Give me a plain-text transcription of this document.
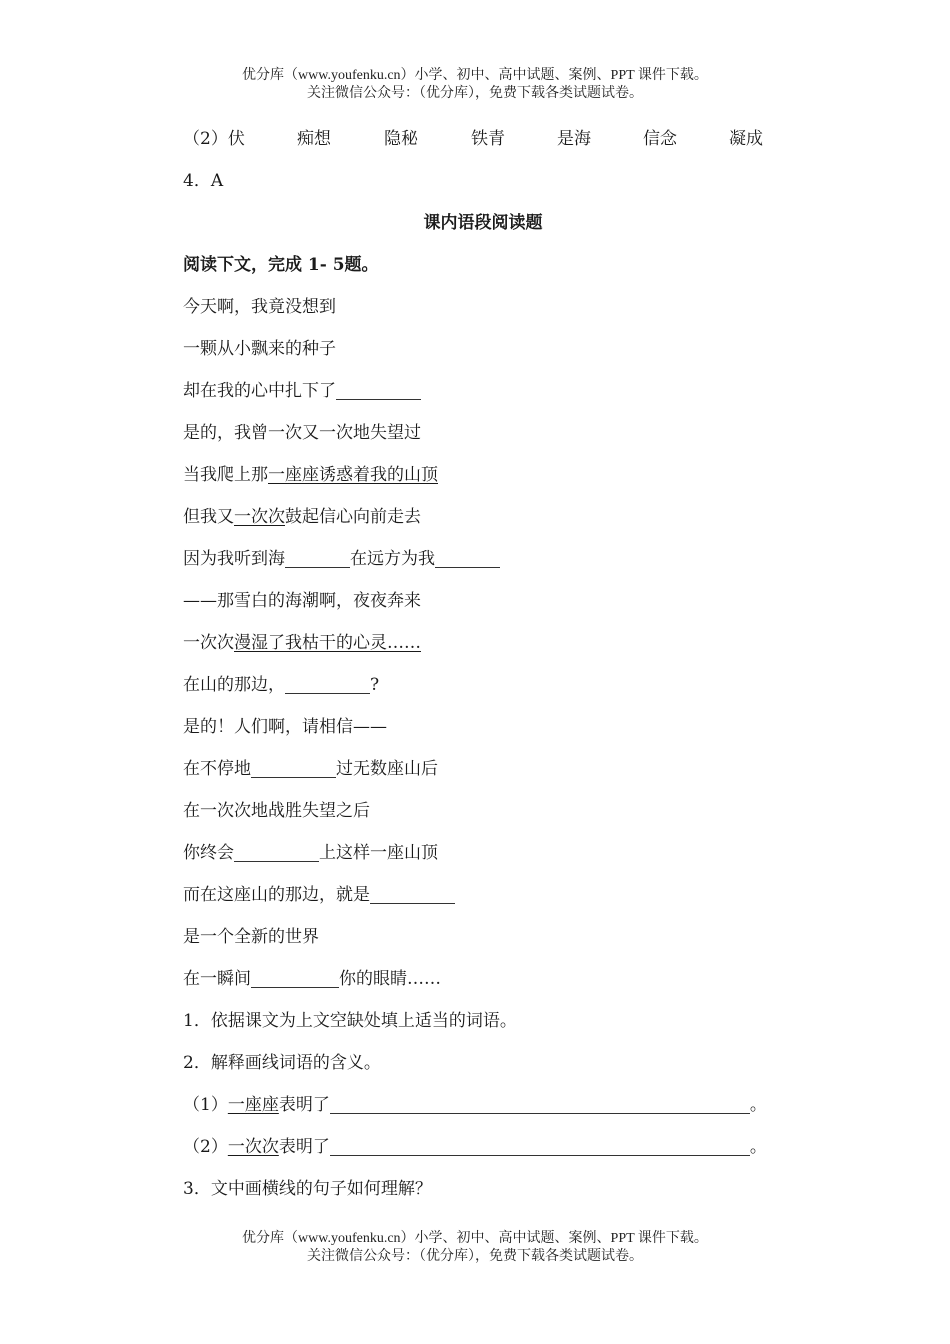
优分库（www.youfenku.cn）小学、初中、高中试题、案例、PPT 课件下载。
关注微信公众号：（优分库），免费下载各类试题试卷。
（2）伏	痴想	隐秘	铁青	是海	信念	凝成
4．A
课内语段阅读题
阅读下文，完成 1- 5题。
今天啊，我竟没想到
一颗从小飘来的种子
却在我的心中扎下了
是的，我曾一次又一次地失望过
当我爬上那一座座诱惑着我的山顶
但我又一次次鼓起信心向前走去
因为我听到海	在远方为我
——那雪白的海潮啊，夜夜奔来
一次次漫湿了我枯干的心灵……
在山的那边，	?
是的！人们啊，请相信——
在不停地	过无数座山后
在一次次地战胜失望之后
你终会	上这样一座山顶
而在这座山的那边，就是
是一个全新的世界
在一瞬间	你的眼睛……
1．依据课文为上文空缺处填上适当的词语。
2．解释画线词语的含义。
（1）一座座表明了	。
（2）一次次表明了	。
3．文中画横线的句子如何理解？
优分库（www.youfenku.cn）小学、初中、高中试题、案例、PPT 课件下载。
关注微信公众号：（优分库），免费下载各类试题试卷。
